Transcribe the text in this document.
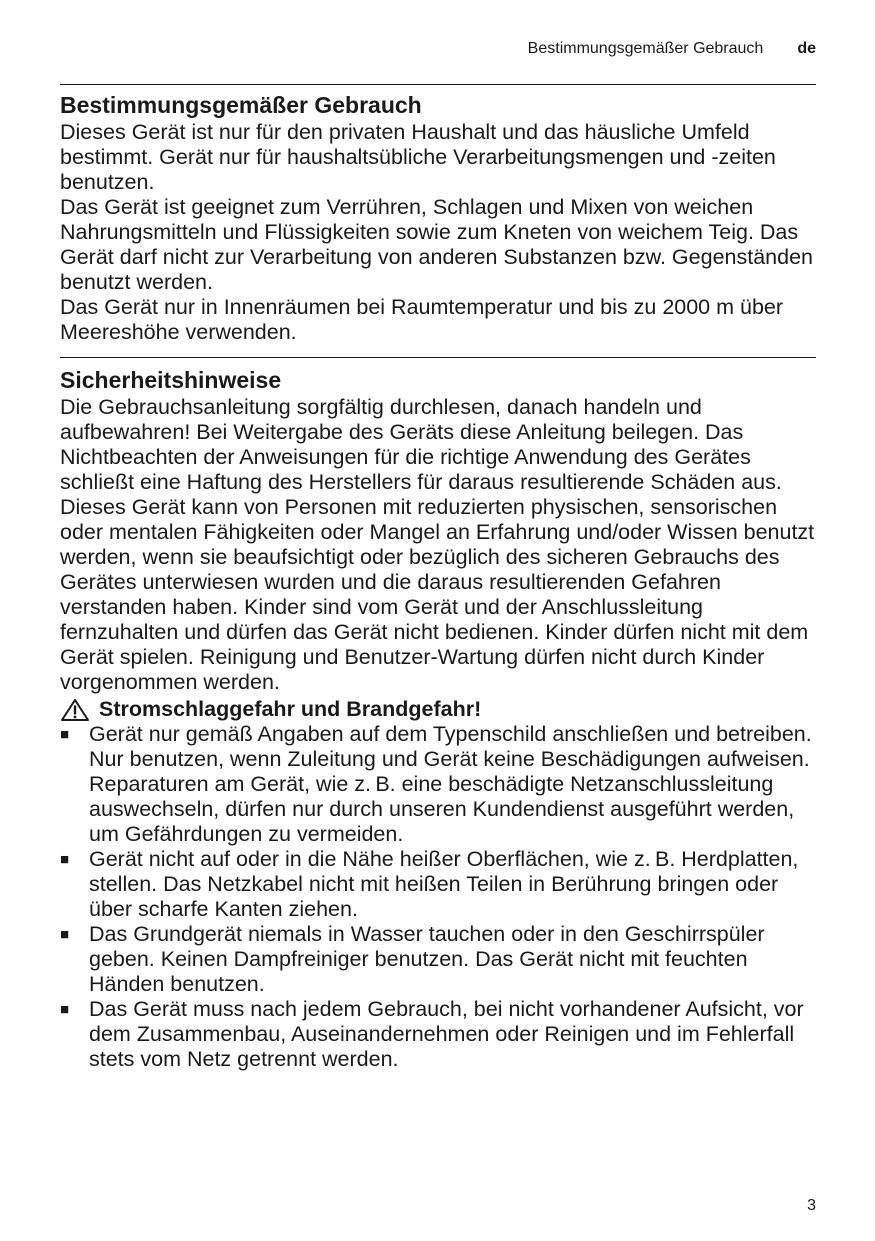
Bestimmungsgemäßer Gebrauch de
Bestimmungsgemäßer Gebrauch

Dieses Gerät ist nur für den privaten Haushalt und das häusliche Umfeld bestimmt. Gerät nur für haushaltsübliche Verarbeitungsmengen und -zeiten benutzen.

Das Gerät ist geeignet zum Verrühren, Schlagen und Mixen von weichen Nahrungsmitteln und Flüssigkeiten sowie zum Kneten von weichem Teig. Das Gerät darf nicht zur Verarbeitung von anderen Substanzen bzw. Gegenständen benutzt werden.

Das Gerät nur in Innenräumen bei Raumtemperatur und bis zu 2000 m über Meereshöhe verwenden.

Sicherheitshinweise

Die Gebrauchsanleitung sorgfältig durchlesen, danach handeln und aufbewahren! Bei Weitergabe des Geräts diese Anleitung beilegen. Das Nichtbeachten der Anweisungen für die richtige Anwendung des Gerätes schließt eine Haftung des Herstellers für daraus resultierende Schäden aus.

Dieses Gerät kann von Personen mit reduzierten physischen, sensorischen oder mentalen Fähigkeiten oder Mangel an Erfahrung und/oder Wissen benutzt werden, wenn sie beaufsichtigt oder bezüglich des sicheren Gebrauchs des Gerätes unterwiesen wurden und die daraus resultierenden Gefahren verstanden haben. Kinder sind vom Gerät und der Anschlussleitung fernzuhalten und dürfen das Gerät nicht bedienen. Kinder dürfen nicht mit dem Gerät spielen. Reinigung und Benutzer-Wartung dürfen nicht durch Kinder vorgenommen werden.

Stromschlaggefahr und Brandgefahr!
■ Gerät nur gemäß Angaben auf dem Typenschild anschließen und betreiben. Nur benutzen, wenn Zuleitung und Gerät keine Beschädigungen aufweisen. Reparaturen am Gerät, wie z. B. eine beschädigte Netzanschlussleitung auswechseln, dürfen nur durch unseren Kundendienst ausgeführt werden, um Gefährdungen zu vermeiden.
■ Gerät nicht auf oder in die Nähe heißer Oberflächen, wie z. B. Herdplatten, stellen. Das Netzkabel nicht mit heißen Teilen in Berührung bringen oder über scharfe Kanten ziehen.
■ Das Grundgerät niemals in Wasser tauchen oder in den Geschirrspüler geben. Keinen Dampfreiniger benutzen. Das Gerät nicht mit feuchten Händen benutzen.
■ Das Gerät muss nach jedem Gebrauch, bei nicht vorhandener Aufsicht, vor dem Zusammenbau, Auseinandernehmen oder Reinigen und im Fehlerfall stets vom Netz getrennt werden.
3
